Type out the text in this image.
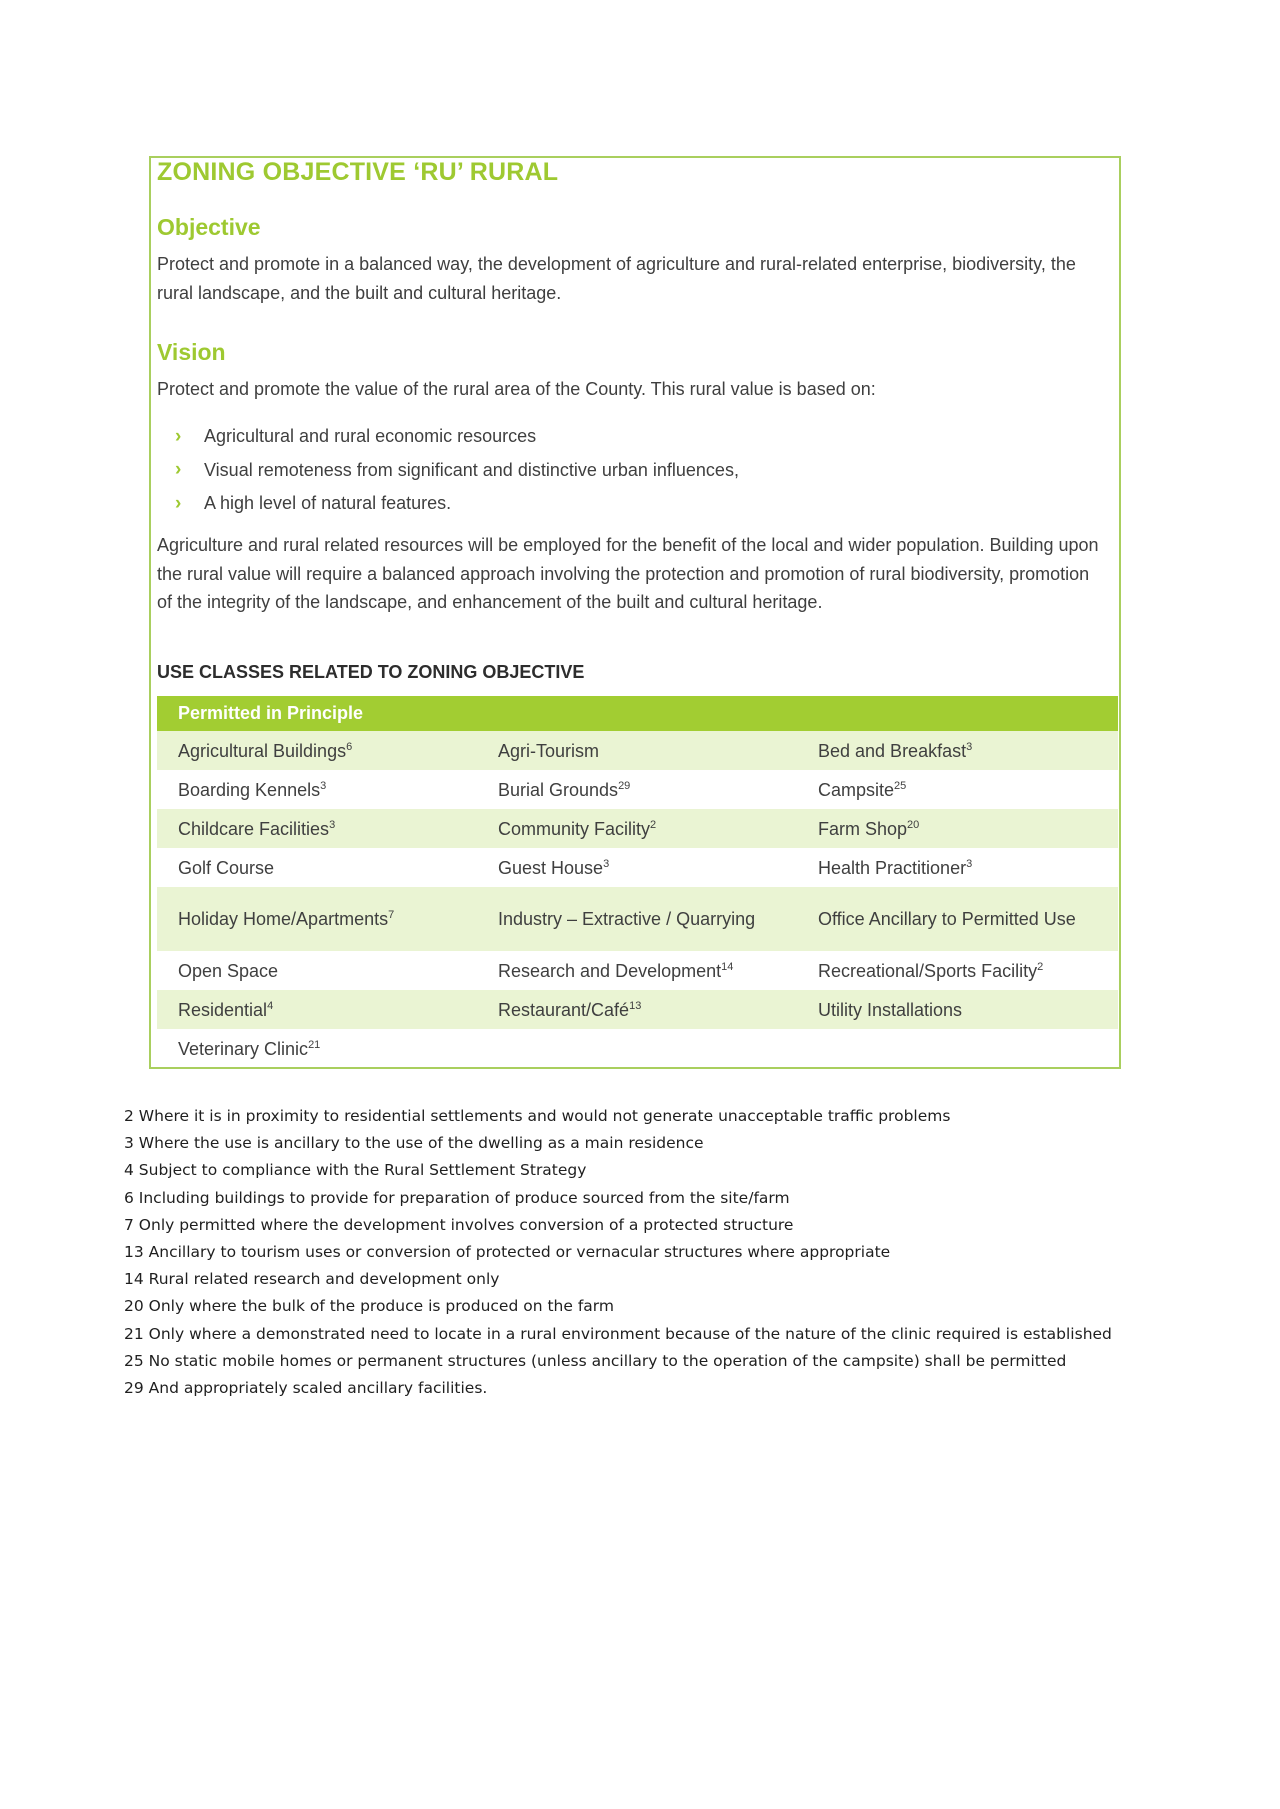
ZONING OBJECTIVE ‘RU’ RURAL
Objective

Protect and promote in a balanced way, the development of agriculture and rural-related enterprise, biodiversity, the rural landscape, and the built and cultural heritage.

Vision

Protect and promote the value of the rural area of the County. This rural value is based on:

›	Agricultural and rural economic resources
›	Visual remoteness from significant and distinctive urban influences,
›	A high level of natural features.

Agriculture and rural related resources will be employed for the benefit of the local and wider population. Building upon the rural value will require a balanced approach involving the protection and promotion of rural biodiversity, promotion of the integrity of the landscape, and enhancement of the built and cultural heritage.

USE CLASSES RELATED TO ZONING OBJECTIVE
Permitted in Principle
Agricultural Buildings$^6$	Agri-Tourism	Bed and Breakfast$^3$
Boarding Kennels$^3$	Burial Grounds$^{29}$	Campsite$^{25}$
Childcare Facilities$^3$	Community Facility$^2$	Farm Shop$^{20}$
Golf Course	Guest House$^3$	Health Practitioner$^3$
Holiday Home/Apartments$^7$	Industry – Extractive / Quarrying	Office Ancillary to Permitted Use
Open Space	Research and Development$^{14}$	Recreational/Sports Facility$^2$
Residential$^4$	Restaurant/Café$^{13}$	Utility Installations
Veterinary Clinic$^{21}$
2 Where it is in proximity to residential settlements and would not generate unacceptable traffic problems
3 Where the use is ancillary to the use of the dwelling as a main residence
4 Subject to compliance with the Rural Settlement Strategy
6 Including buildings to provide for preparation of produce sourced from the site/farm
7 Only permitted where the development involves conversion of a protected structure
13 Ancillary to tourism uses or conversion of protected or vernacular structures where appropriate
14 Rural related research and development only
20 Only where the bulk of the produce is produced on the farm
21 Only where a demonstrated need to locate in a rural environment because of the nature of the clinic required is established
25 No static mobile homes or permanent structures (unless ancillary to the operation of the campsite) shall be permitted
29 And appropriately scaled ancillary facilities.
